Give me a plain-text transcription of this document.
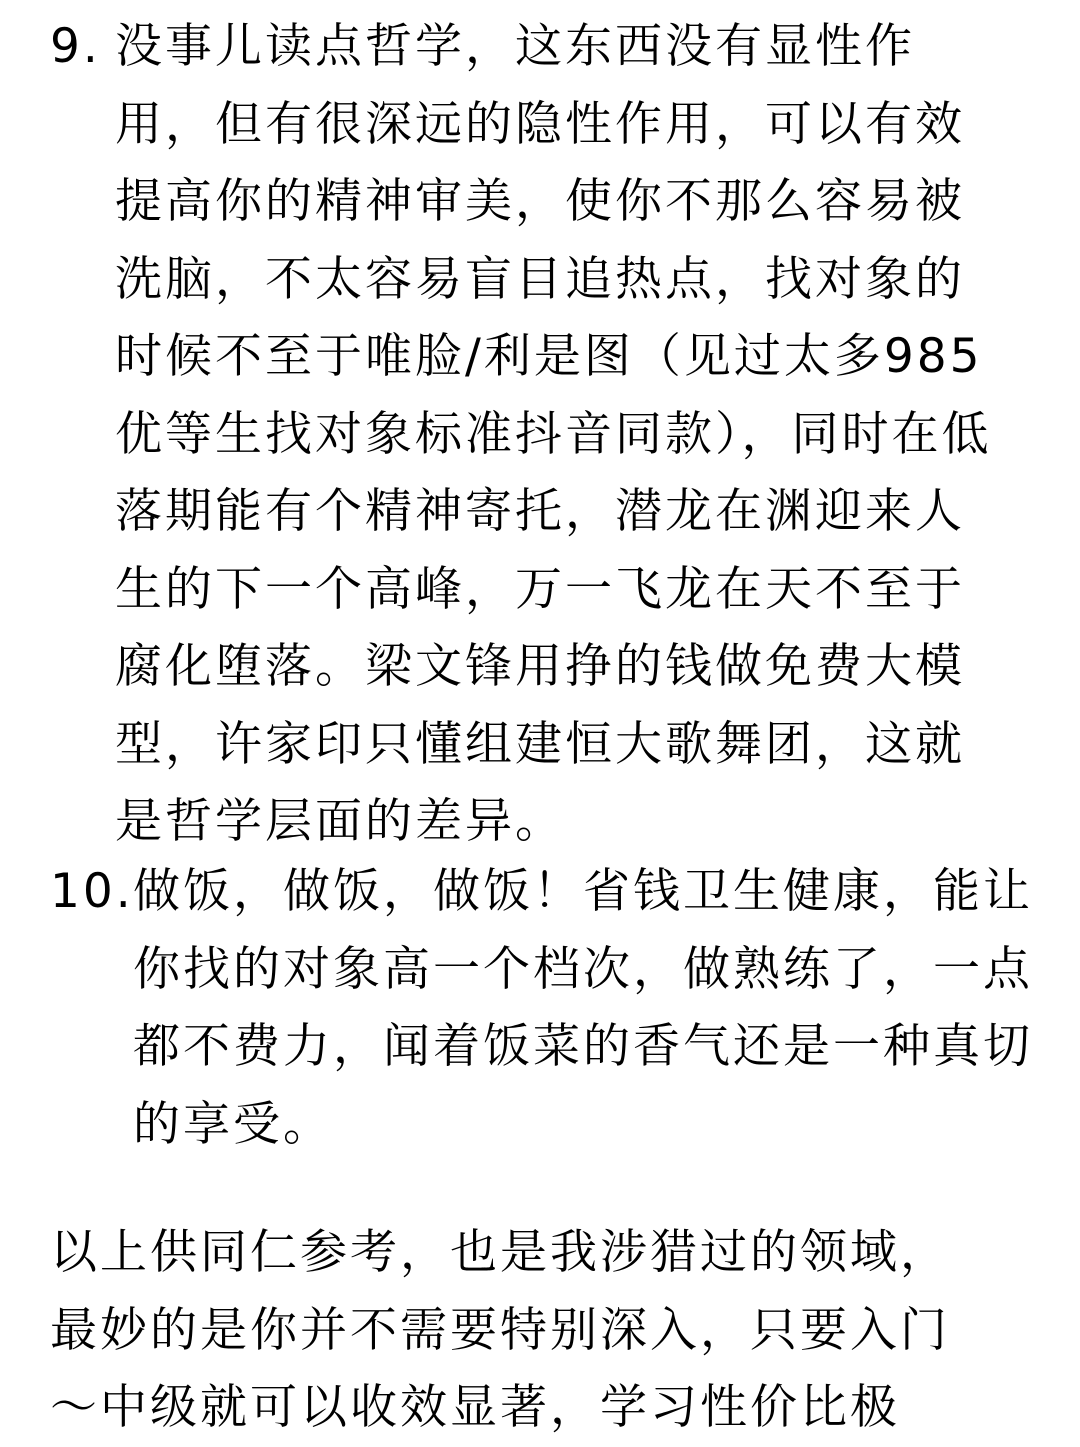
9. 没事儿读点哲学，这东西没有显性作用，但有很深远的隐性作用，可以有效提高你的精神审美，使你不那么容易被洗脑，不太容易盲目追热点，找对象的时候不至于唯脸/利是图（见过太多985优等生找对象标准抖音同款），同时在低落期能有个精神寄托，潜龙在渊迎来人生的下一个高峰，万一飞龙在天不至于腐化堕落。梁文锋用挣的钱做免费大模型，许家印只懂组建恒大歌舞团，这就是哲学层面的差异。

10. 做饭，做饭，做饭！省钱卫生健康，能让你找的对象高一个档次，做熟练了，一点都不费力，闻着饭菜的香气还是一种真切的享受。

以上供同仁参考，也是我涉猎过的领域，最妙的是你并不需要特别深入，只要入门～中级就可以收效显著，学习性价比极
